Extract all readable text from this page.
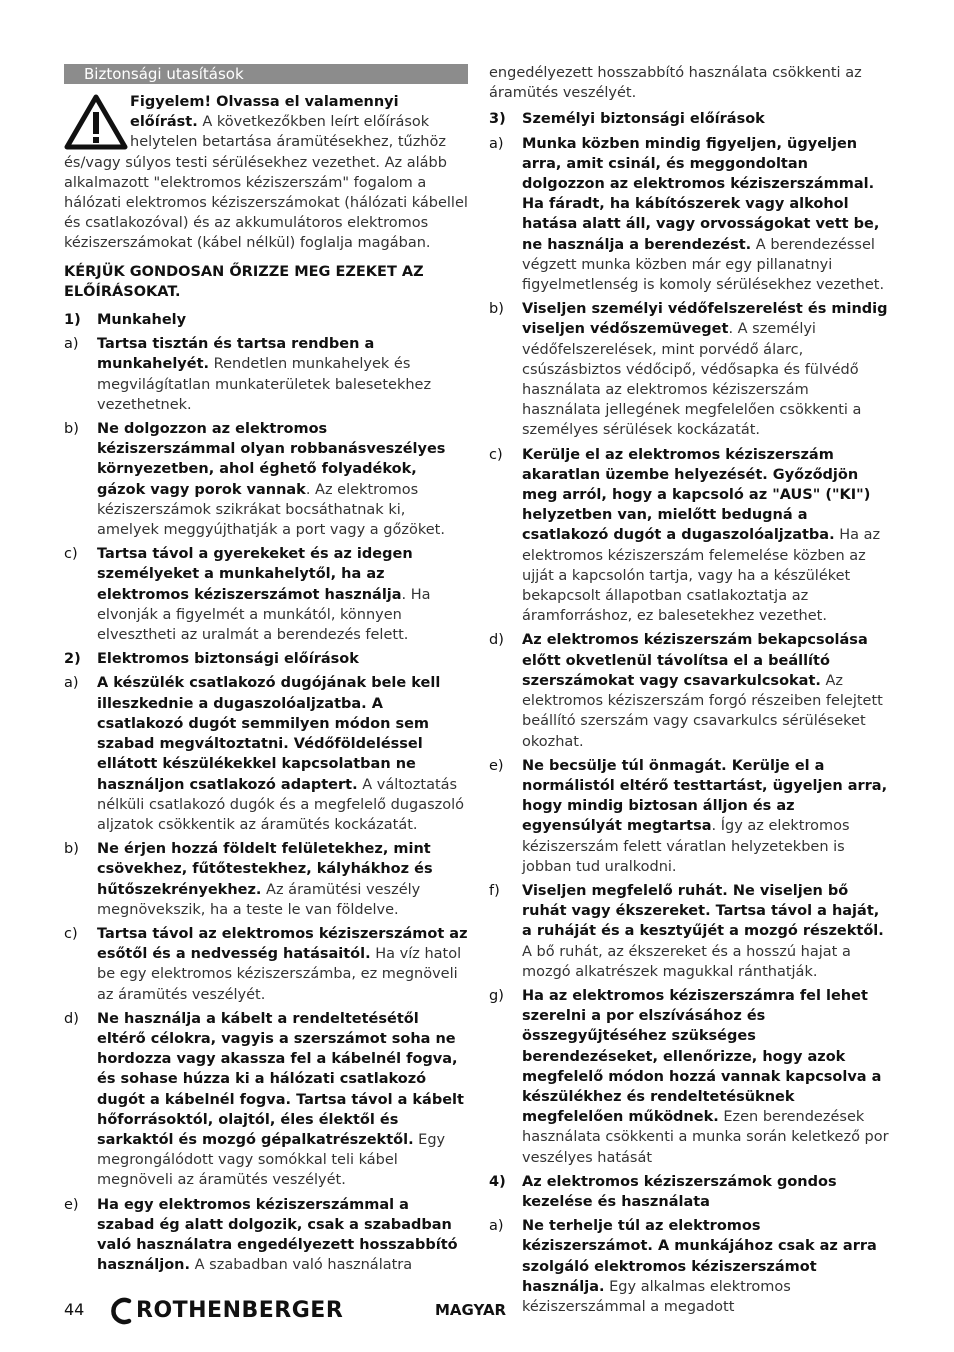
Biztonsági utasítások

Figyelem! Olvassa el valamennyi előírást. A következőkben leírt előírások helytelen betartása áramütésekhez, tűzhöz és/vagy súlyos testi sérülésekhez vezethet. Az alább alkalmazott "elektromos kéziszerszám" fogalom a hálózati elektromos kéziszerszámokat (hálózati kábellel és csatlakozóval) és az akkumulátoros elektromos kéziszerszámokat (kábel nélkül) foglalja magában.

KÉRJÜK GONDOSAN ŐRIZZE MEG EZEKET AZ ELŐÍRÁSOKAT.

1)	Munkahely
a)	Tartsa tisztán és tartsa rendben a munkahelyét. Rendetlen munkahelyek és megvilágítatlan munkaterületek balesetekhez vezethetnek.
b)	Ne dolgozzon az elektromos kéziszerszámmal olyan robbanásveszélyes környezetben, ahol éghető folyadékok, gázok vagy porok vannak. Az elektromos kéziszerszámok szikrákat bocsáthatnak ki, amelyek meggyújthatják a port vagy a gőzöket.
c)	Tartsa távol a gyerekeket és az idegen személyeket a munkahelytől, ha az elektromos kéziszerszámot használja. Ha elvonják a figyelmét a munkától, könnyen elvesztheti az uralmát a berendezés felett.
2)	Elektromos biztonsági előírások
a)	A készülék csatlakozó dugójának bele kell illeszkednie a dugaszolóaljzatba. A csatlakozó dugót semmilyen módon sem szabad megváltoztatni. Védőföldeléssel ellátott készülékekkel kapcsolatban ne használjon csatlakozó adaptert. A változtatás nélküli csatlakozó dugók és a megfelelő dugaszoló aljzatok csökkentik az áramütés kockázatát.
b)	Ne érjen hozzá földelt felületekhez, mint csövekhez, fűtőtestekhez, kályhákhoz és hűtőszekrényekhez. Az áramütési veszély megnövekszik, ha a teste le van földelve.
c)	Tartsa távol az elektromos kéziszerszámot az esőtől és a nedvesség hatásaitól. Ha víz hatol be egy elektromos kéziszerszámba, ez megnöveli az áramütés veszélyét.
d)	Ne használja a kábelt a rendeltetésétől eltérő célokra, vagyis a szerszámot soha ne hordozza vagy akassza fel a kábelnél fogva, és sohase húzza ki a hálózati csatlakozó dugót a kábelnél fogva. Tartsa távol a kábelt hőforrásoktól, olajtól, éles élektől és sarkaktól és mozgó gépalkatrészektől. Egy megrongálódott vagy somókkal teli kábel megnöveli az áramütés veszélyét.
e)	Ha egy elektromos kéziszerszámmal a szabad ég alatt dolgozik, csak a szabadban való használatra engedélyezett hosszabbító használjon. A szabadban való használatra

engedélyezett hosszabbító használata csökkenti az áramütés veszélyét.

3)	Személyi biztonsági előírások
a)	Munka közben mindig figyeljen, ügyeljen arra, amit csinál, és meggondoltan dolgozzon az elektromos kéziszerszámmal. Ha fáradt, ha kábítószerek vagy alkohol hatása alatt áll, vagy orvosságokat vett be, ne használja a berendezést. A berendezéssel végzett munka közben már egy pillanatnyi figyelmetlenség is komoly sérülésekhez vezethet.
b)	Viseljen személyi védőfelszerelést és mindig viseljen védőszemüveget. A személyi védőfelszerelések, mint porvédő álarc, csúszásbiztos védőcipő, védősapka és fülvédő használata az elektromos kéziszerszám használata jellegének megfelelően csökkenti a személyes sérülések kockázatát.
c)	Kerülje el az elektromos kéziszerszám akaratlan üzembe helyezését. Győződjön meg arról, hogy a kapcsoló az "AUS" ("KI") helyzetben van, mielőtt bedugná a csatlakozó dugót a dugaszolóaljzatba. Ha az elektromos kéziszerszám felemelése közben az ujját a kapcsolón tartja, vagy ha a készüléket bekapcsolt állapotban csatlakoztatja az áramforráshoz, ez balesetekhez vezethet.
d)	Az elektromos kéziszerszám bekapcsolása előtt okvetlenül távolítsa el a beállító szerszámokat vagy csavarkulcsokat. Az elektromos kéziszerszám forgó részeiben felejtett beállító szerszám vagy csavarkulcs sérüléseket okozhat.
e)	Ne becsülje túl önmagát. Kerülje el a normálistól eltérő testtartást, ügyeljen arra, hogy mindig biztosan álljon és az egyensúlyát megtartsa. Így az elektromos kéziszerszám felett váratlan helyzetekben is jobban tud uralkodni.
f)	Viseljen megfelelő ruhát. Ne viseljen bő ruhát vagy ékszereket. Tartsa távol a haját, a ruháját és a kesztyűjét a mozgó részektől. A bő ruhát, az ékszereket és a hosszú hajat a mozgó alkatrészek magukkal ránthatják.
g)	Ha az elektromos kéziszerszámra fel lehet szerelni a por elszívásához és összegyűjtéséhez szükséges berendezéseket, ellenőrizze, hogy azok megfelelő módon hozzá vannak kapcsolva a készülékhez és rendeltetésüknek megfelelően működnek. Ezen berendezések használata csökkenti a munka során keletkező por veszélyes hatását
4)	Az elektromos kéziszerszámok gondos kezelése és használata
a)	Ne terhelje túl az elektromos kéziszerszámot. A munkájához csak az arra szolgáló elektromos kéziszerszámot használja. Egy alkalmas elektromos kéziszerszámmal a megadott
44 ROTHENBERGER	MAGYAR
